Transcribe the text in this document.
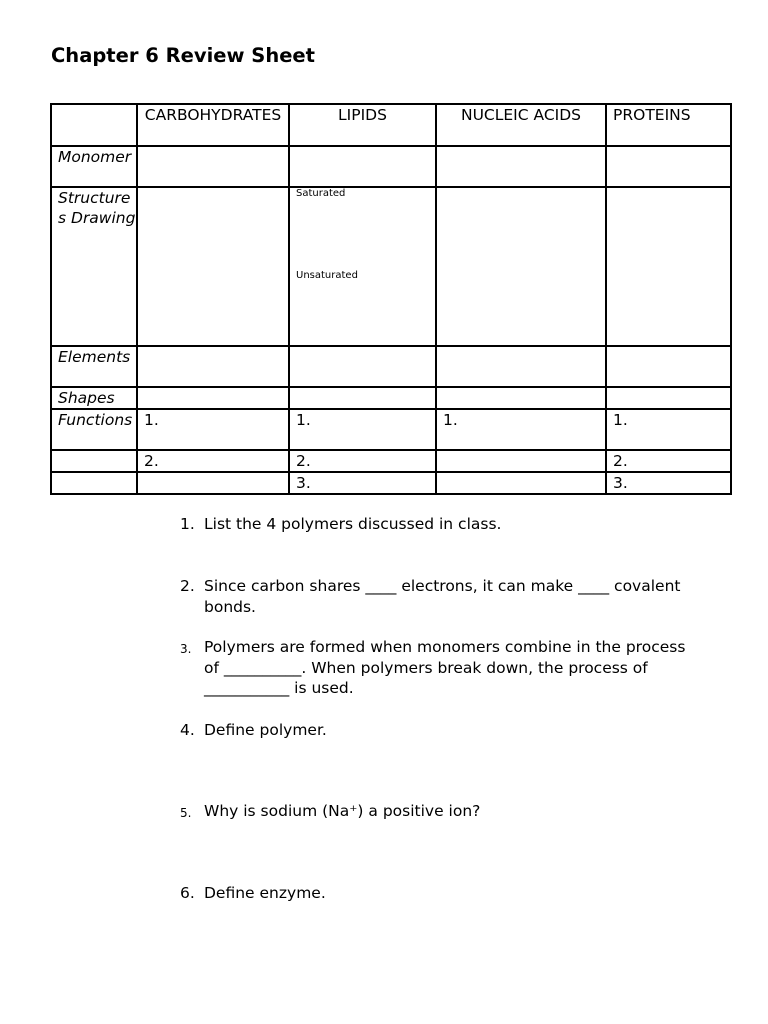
Chapter 6 Review Sheet
	CARBOHYDRATES	LIPIDS	NUCLEIC ACIDS	PROTEINS
Monomer				
Structures Drawing		Saturated
Unsaturated		

Elements				
Shapes				
Functions	1.	1.	1.	1.
	2.	2.		2.
		3.		3.
1. List the 4 polymers discussed in class.
2. Since carbon shares ____ electrons, it can make ____ covalent bonds.
3. Polymers are formed when monomers combine in the process of __________. When polymers break down, the process of ___________ is used.
4. Define polymer.
5. Why is sodium (Na⁺) a positive ion?
6. Define enzyme.
